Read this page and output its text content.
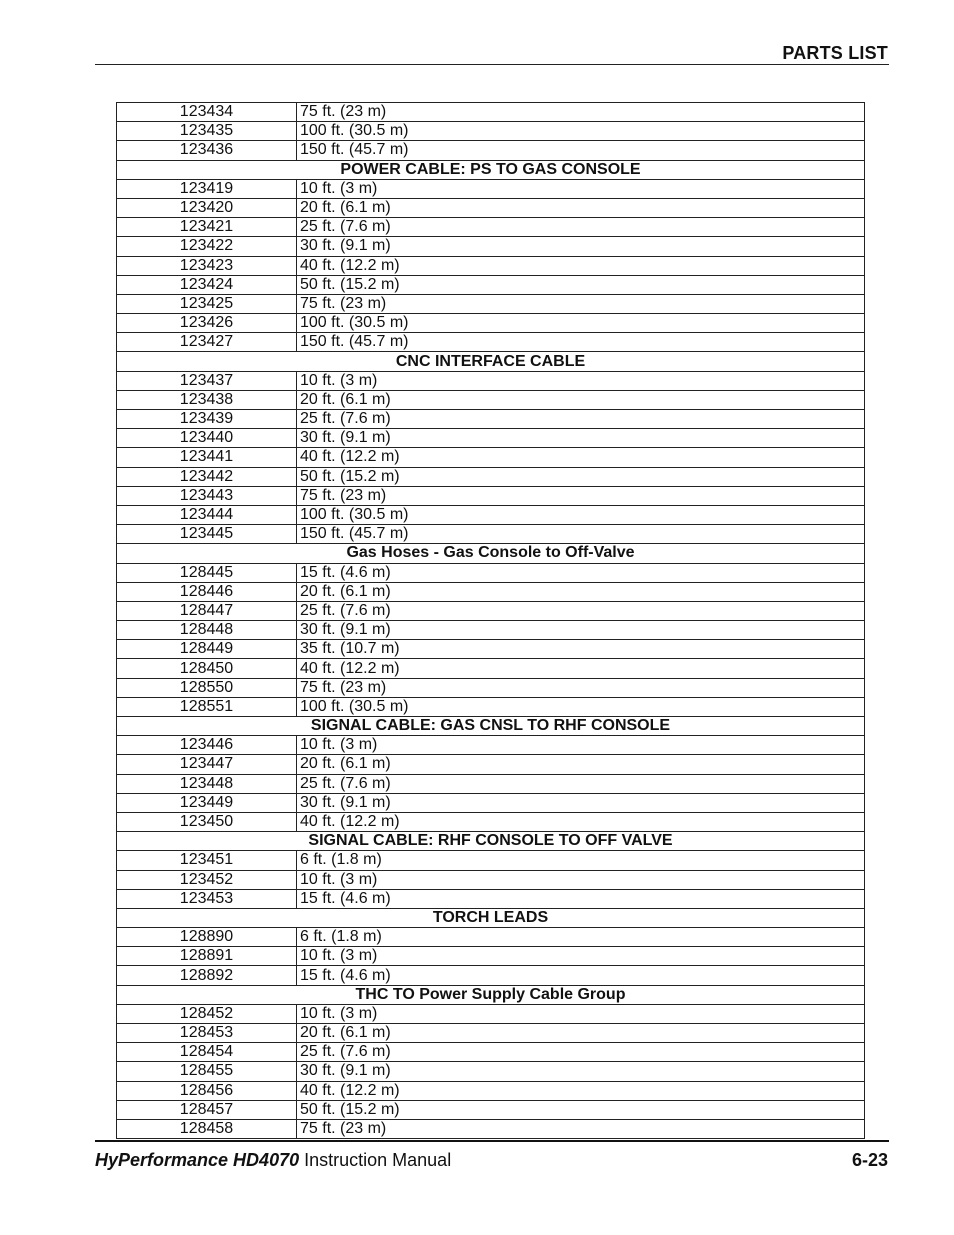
PARTS LIST
123434	75 ft. (23 m)
123435	100 ft. (30.5 m)
123436	150 ft. (45.7 m)
POWER CABLE: PS TO GAS CONSOLE	
123419	10 ft. (3 m)
123420	20 ft. (6.1 m)
123421	25 ft. (7.6 m)
123422	30 ft. (9.1 m)
123423	40 ft. (12.2 m)
123424	50 ft. (15.2 m)
123425	75 ft. (23 m)
123426	100 ft. (30.5 m)
123427	150 ft. (45.7 m)
CNC INTERFACE CABLE	
123437	10 ft. (3 m)
123438	20 ft. (6.1 m)
123439	25 ft. (7.6 m)
123440	30 ft. (9.1 m)
123441	40 ft. (12.2 m)
123442	50 ft. (15.2 m)
123443	75 ft. (23 m)
123444	100 ft. (30.5 m)
123445	150 ft. (45.7 m)
Gas Hoses - Gas Console to Off-Valve	
128445	15 ft. (4.6 m)
128446	20 ft. (6.1 m)
128447	25 ft. (7.6 m)
128448	30 ft. (9.1 m)
128449	35 ft. (10.7 m)
128450	40 ft. (12.2 m)
128550	75 ft. (23 m)
128551	100 ft. (30.5 m)
SIGNAL CABLE: GAS CNSL TO RHF CONSOLE	
123446	10 ft. (3 m)
123447	20 ft. (6.1 m)
123448	25 ft. (7.6 m)
123449	30 ft. (9.1 m)
123450	40 ft. (12.2 m)
SIGNAL CABLE: RHF CONSOLE TO OFF VALVE	
123451	6 ft. (1.8 m)
123452	10 ft. (3 m)
123453	15 ft. (4.6 m)
TORCH LEADS	
128890	6 ft. (1.8 m)
128891	10 ft. (3 m)
128892	15 ft. (4.6 m)
THC TO Power Supply Cable Group	
128452	10 ft. (3 m)
128453	20 ft. (6.1 m)
128454	25 ft. (7.6 m)
128455	30 ft. (9.1 m)
128456	40 ft. (12.2 m)
128457	50 ft. (15.2 m)
128458	75 ft. (23 m)
HyPerformance HD4070 Instruction Manual	6-23
